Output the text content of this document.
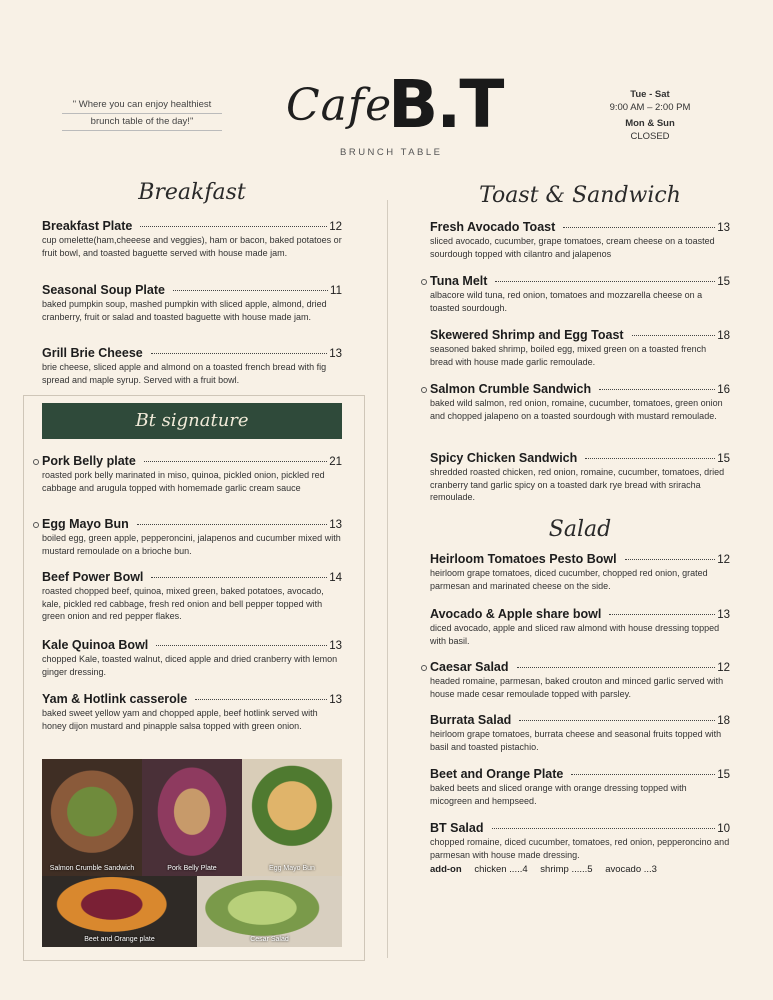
" Where you can enjoy healthiest
brunch table of the day!"	Cafe
B.T
BRUNCH TABLE
Tue - Sat
9:00 AM – 2:00 PM
Mon & Sun
CLOSED
Breakfast
Breakfast Plate	12
cup omelette(ham,cheeese and veggies), ham or bacon, baked potatoes or fruit bowl, and toasted baguette served with house made jam.
Seasonal Soup Plate	11
baked pumpkin soup, mashed pumpkin with sliced apple, almond, dried cranberry, fruit or salad and toasted baguette with house made jam.
Grill Brie Cheese	13
brie cheese, sliced apple and almond on a toasted french bread with fig spread and maple syrup. Served with a fruit bowl.
Bt signature
Pork Belly plate	21
roasted pork belly marinated in miso, quinoa, pickled onion, pickled red cabbage and arugula topped with homemade garlic cream sauce
Egg Mayo Bun	13
boiled egg, green apple, pepperoncini, jalapenos and cucumber mixed with mustard remoulade on a brioche bun.
Beef Power Bowl	14
roasted chopped beef, quinoa, mixed green, baked potatoes, avocado, kale, pickled red cabbage, fresh red onion and bell pepper topped with green onion and red pepper flakes.
Kale Quinoa Bowl	13
chopped Kale, toasted walnut, diced apple and dried cranberry with lemon ginger dressing.
Yam & Hotlink casserole	13
baked sweet yellow yam and chopped apple, beef hotlink served with honey dijon mustard and pinapple salsa topped with green onion.
Salmon Crumble Sandwich	Pork Belly Plate	Egg Mayo Bun
Beet and Orange plate	Cesar Salad
Toast & Sandwich
Fresh Avocado Toast	13
sliced avocado, cucumber, grape tomatoes, cream cheese on a toasted sourdough topped with cilantro and jalapenos
Tuna Melt	15
albacore wild tuna, red onion, tomatoes and mozzarella cheese on a toasted sourdough.
Skewered Shrimp and Egg Toast	18
seasoned baked shrimp, boiled egg, mixed green on a toasted french bread with house made garlic remoulade.
Salmon Crumble Sandwich	16
baked wild salmon, red onion, romaine, cucumber, tomatoes, green onion and chopped jalapeno on a toasted sourdough with mustard remoulade.
Spicy Chicken Sandwich	15
shredded roasted chicken, red onion, romaine, cucumber, tomatoes, dried cranberry tand garlic spicy on a toasted dark rye bread with sriracha remoulade.
Salad
Heirloom Tomatoes Pesto Bowl	12
heirloom grape tomatoes, diced cucumber, chopped red onion, grated parmesan and marinated cheese on the side.
Avocado & Apple share bowl	13
diced avocado, apple and sliced raw almond with house dressing topped with basil.
Caesar Salad	12
headed romaine, parmesan, baked crouton and minced garlic served with house made cesar remoulade topped with parsley.
Burrata Salad	18
heirloom grape tomatoes, burrata cheese and seasonal fruits topped with basil and toasted pistachio.
Beet and Orange Plate	15
baked beets and sliced orange with orange dressing topped with micogreen and hempseed.
BT Salad	10
chopped romaine, diced cucumber, tomatoes, red onion, pepperoncino and parmesan with house made dressing.
add-on chicken .....4 shrimp ......5 avocado ...3
